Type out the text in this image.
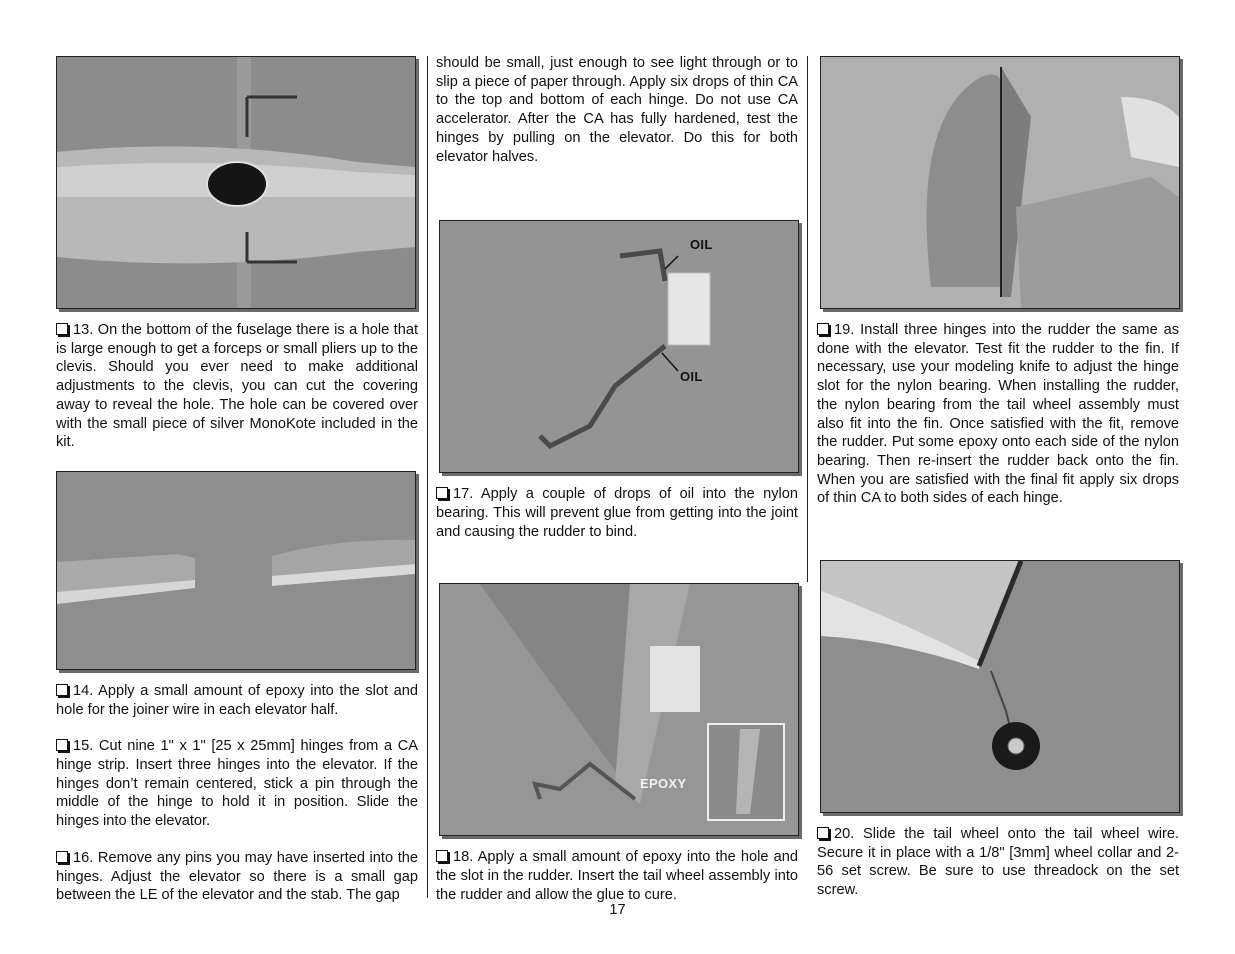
13. On the bottom of the fuselage there is a hole that is large enough to get a forceps or small pliers up to the clevis. Should you ever need to make additional adjustments to the clevis, you can cut the covering away to reveal the hole. The hole can be covered over with the small piece of silver MonoKote included in the kit.

14. Apply a small amount of epoxy into the slot and hole for the joiner wire in each elevator half.

15. Cut nine 1" x 1" [25 x 25mm] hinges from a CA hinge strip. Insert three hinges into the elevator. If the hinges don’t remain centered, stick a pin through the middle of the hinge to hold it in position. Slide the hinges into the elevator.

16. Remove any pins you may have inserted into the hinges. Adjust the elevator so there is a small gap between the LE of the elevator and the stab. The gap

should be small, just enough to see light through or to slip a piece of paper through. Apply six drops of thin CA to the top and bottom of each hinge. Do not use CA accelerator. After the CA has fully hardened, test the hinges by pulling on the elevator. Do this for both elevator halves.

OIL
OIL

17. Apply a couple of drops of oil into the nylon bearing. This will prevent glue from getting into the joint and causing the rudder to bind.

EPOXY

18. Apply a small amount of epoxy into the hole and the slot in the rudder. Insert the tail wheel assembly into the rudder and allow the glue to cure.

19. Install three hinges into the rudder the same as done with the elevator. Test fit the rudder to the fin. If necessary, use your modeling knife to adjust the hinge slot for the nylon bearing. When installing the rudder, the nylon bearing from the tail wheel assembly must also fit into the fin. Once satisfied with the fit, remove the rudder. Put some epoxy onto each side of the nylon bearing. Then re-insert the rudder back onto the fin. When you are satisfied with the final fit apply six drops of thin CA to both sides of each hinge.

20. Slide the tail wheel onto the tail wheel wire. Secure it in place with a 1/8" [3mm] wheel collar and 2-56 set screw. Be sure to use threadock on the set screw.

17
